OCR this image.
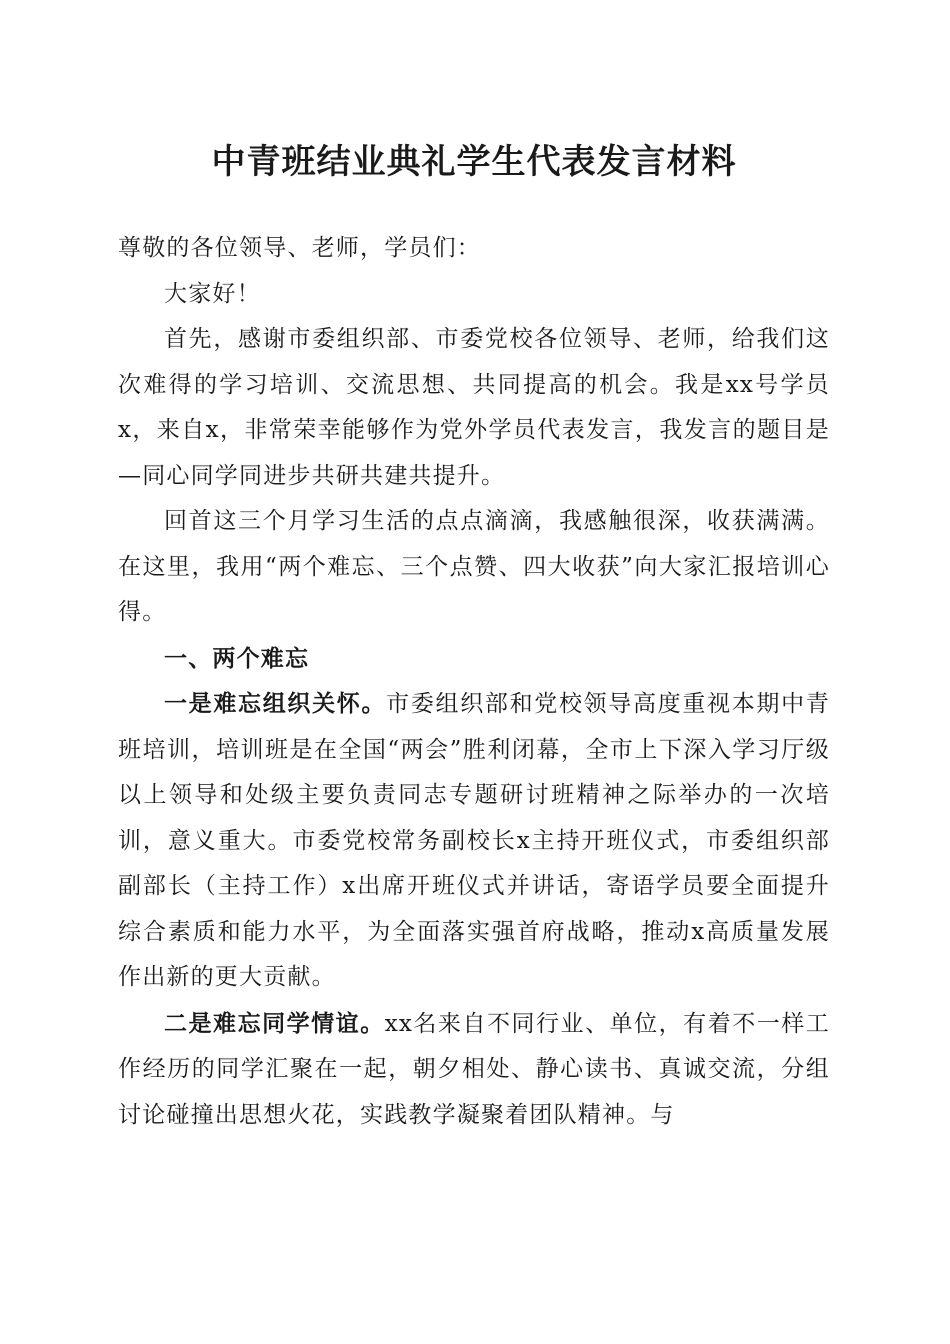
中青班结业典礼学生代表发言材料

尊敬的各位领导、老师，学员们：

大家好！

首先，感谢市委组织部、市委党校各位领导、老师，给我们这次难得的学习培训、交流思想、共同提高的机会。我是xx号学员x，来自x，非常荣幸能够作为党外学员代表发言，我发言的题目是—同心同学同进步共研共建共提升。

回首这三个月学习生活的点点滴滴，我感触很深，收获满满。在这里，我用“两个难忘、三个点赞、四大收获”向大家汇报培训心得。

一、两个难忘

一是难忘组织关怀。市委组织部和党校领导高度重视本期中青班培训，培训班是在全国“两会”胜利闭幕，全市上下深入学习厅级以上领导和处级主要负责同志专题研讨班精神之际举办的一次培训，意义重大。市委党校常务副校长x主持开班仪式，市委组织部副部长（主持工作）x出席开班仪式并讲话，寄语学员要全面提升综合素质和能力水平，为全面落实强首府战略，推动x高质量发展作出新的更大贡献。

二是难忘同学情谊。xx名来自不同行业、单位，有着不一样工作经历的同学汇聚在一起，朝夕相处、静心读书、真诚交流，分组讨论碰撞出思想火花，实践教学凝聚着团队精神。与
